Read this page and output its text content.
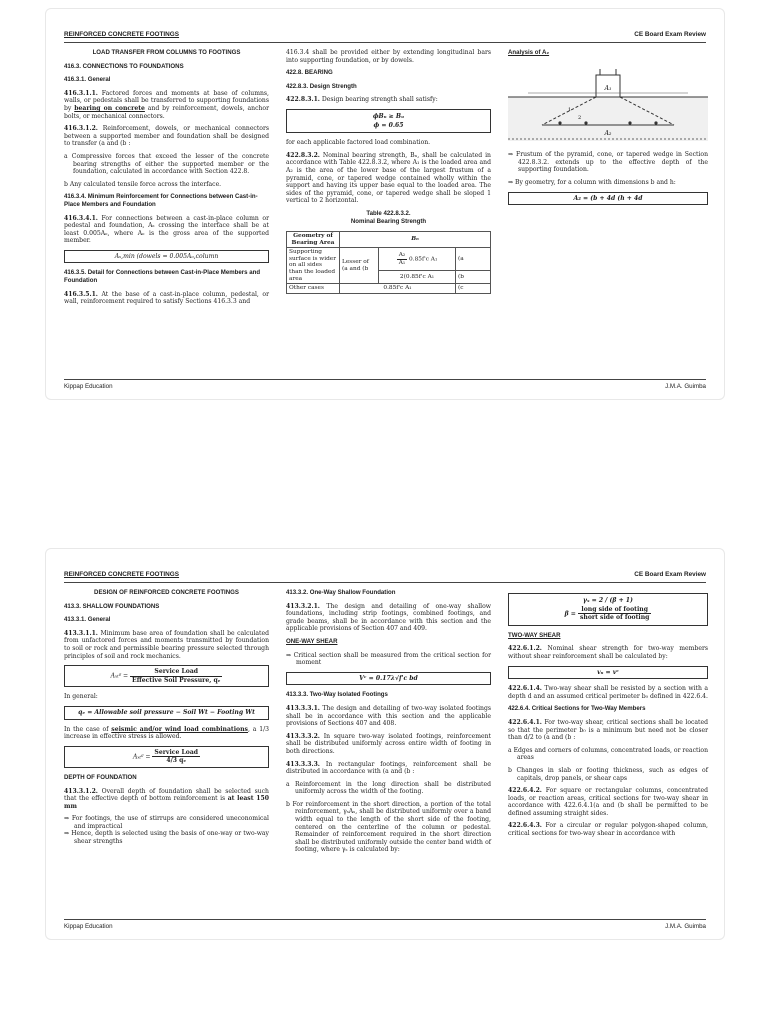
REINFORCED CONCRETE FOOTINGS	CE Board Exam Review
LOAD TRANSFER FROM COLUMNS TO FOOTINGS
416.3. CONNECTIONS TO FOUNDATIONS
416.3.1. General

416.3.1.1. Factored forces and moments at base of columns, walls, or pedestals shall be transferred to supporting foundations by bearing on concrete and by reinforcement, dowels, anchor bolts, or mechanical connectors.

416.3.1.2. Reinforcement, dowels, or mechanical connectors between a supported member and foundation shall be designed to transfer (a and (b :

a Compressive forces that exceed the lesser of the concrete bearing strengths of either the supported member or the foundation, calculated in accordance with Section 422.8.

b Any calculated tensile force across the interface.

416.3.4. Minimum Reinforcement for Connections between Cast-in-Place Members and Foundation

416.3.4.1. For connections between a cast-in-place column or pedestal and foundation, Aₛ crossing the interface shall be at least 0.005Aₒ, where Aₒ is the gross area of the supported member.

Aₛ,min (dowels = 0.005Aₒ,column
416.3.5. Detail for Connections between Cast-in-Place Members and Foundation

416.3.5.1. At the base of a cast-in-place column, pedestal, or wall, reinforcement required to satisfy Sections 416.3.3 and

416.3.4 shall be provided either by extending longitudinal bars into supporting foundation, or by dowels.

422.8. BEARING
422.8.3. Design Strength

422.8.3.1. Design bearing strength shall satisfy:

ϕBₙ ≥ Bᵤ
ϕ = 0.65

for each applicable factored load combination.

422.8.3.2. Nominal bearing strength, Bₙ, shall be calculated in accordance with Table 422.8.3.2, where A₁ is the loaded area and A₂ is the area of the lower base of the largest frustum of a pyramid, cone, or tapered wedge contained wholly within the support and having its upper base equal to the loaded area. The sides of the pyramid, cone, or tapered wedge shall be sloped 1 vertical to 2 horizontal.

Table 422.8.3.2.
Nominal Bearing Strength
Geometry of Bearing Area	Bₙ		
Supporting surface is wider on all sides than the loaded area	Lesser of (a and (b	$\frac{\text{A₂}}{\text{A₁}} 0.85f'c$ A₁	(a
		2(0.85f'c A₁	(b
Other cases	0.85f'c A₁		(c
Analysis of A₂
A₁
A₂
1
2

⇒ Frustum of the pyramid, cone, or tapered wedge in Section 422.8.3.2. extends up to the effective depth of the supporting foundation.

⇒ By geometry, for a column with dimensions b and h:

A₂ = (b + 4d (h + 4d
Kippap Education	J.M.A. Guimba
REINFORCED CONCRETE FOOTINGS	CE Board Exam Review
DESIGN OF REINFORCED CONCRETE FOOTINGS
413.3. SHALLOW FOUNDATIONS
413.3.1. General

413.3.1.1. Minimum base area of foundation shall be calculated from unfactored forces and moments transmitted by foundation to soil or rock and permissible bearing pressure selected through principles of soil and rock mechanics.

Aₓₜᵍ = $\frac{\text{Service Load}}{\text{Effective Soil Pressure, qₑ}}$

In general:

qₑ = Allowable soil pressure − Soil Wt − Footing Wt

In the case of seismic and/or wind load combinations, a 1/3 increase in effective stress is allowed.

Aₓₜᵍ = $\frac{\text{Service Load}}{\text{4/3 qₑ}}$
DEPTH OF FOUNDATION

413.3.1.2. Overall depth of foundation shall be selected such that the effective depth of bottom reinforcement is at least 150 mm

⇒ For footings, the use of stirrups are considered uneconomical and impractical

⇒ Hence, depth is selected using the basis of one-way or two-way shear strengths

413.3.2. One-Way Shallow Foundation

413.3.2.1. The design and detailing of one-way shallow foundations, including strip footings, combined footings, and grade beams, shall be in accordance with this section and the applicable provisions of Section 407 and 409.

ONE-WAY SHEAR

⇒ Critical section shall be measured from the critical section for moment

Vᶜ = 0.17λ√f'c bd
413.3.3. Two-Way Isolated Footings

413.3.3.1. The design and detailing of two-way isolated footings shall be in accordance with this section and the applicable provisions of Sections 407 and 408.

413.3.3.2. In square two-way isolated footings, reinforcement shall be distributed uniformly across entire width of footing in both directions.

413.3.3.3. In rectangular footings, reinforcement shall be distributed in accordance with (a and (b :

a Reinforcement in the long direction shall be distributed uniformly across the width of the footing.

b For reinforcement in the short direction, a portion of the total reinforcement, γₛAₛ, shall be distributed uniformly over a band width equal to the length of the short side of the footing, centered on the centerline of the column or pedestal. Remainder of reinforcement required in the short direction shall be distributed uniformly outside the center band width of footing, where γₛ is calculated by:

γₛ = 2 / (β + 1)
$\beta = \frac{\text{long side of footing}}{\text{short side of footing}}$
TWO-WAY SHEAR

422.6.1.2. Nominal shear strength for two-way members without shear reinforcement shall be calculated by:

vₙ = vᶜ

422.6.1.4. Two-way shear shall be resisted by a section with a depth d and an assumed critical perimeter b₀ defined in 422.6.4.

422.6.4. Critical Sections for Two-Way Members

422.6.4.1. For two-way shear, critical sections shall be located so that the perimeter b₀ is a minimum but need not be closer than d/2 to (a and (b :

a Edges and corners of columns, concentrated loads, or reaction areas

b Changes in slab or footing thickness, such as edges of capitals, drop panels, or shear caps

422.6.4.2. For square or rectangular columns, concentrated loads, or reaction areas, critical sections for two-way shear in accordance with 422.6.4.1(a and (b shall be permitted to be defined assuming straight sides.

422.6.4.3. For a circular or regular polygon-shaped column, critical sections for two-way shear in accordance with

Kippap Education	J.M.A. Guimba
